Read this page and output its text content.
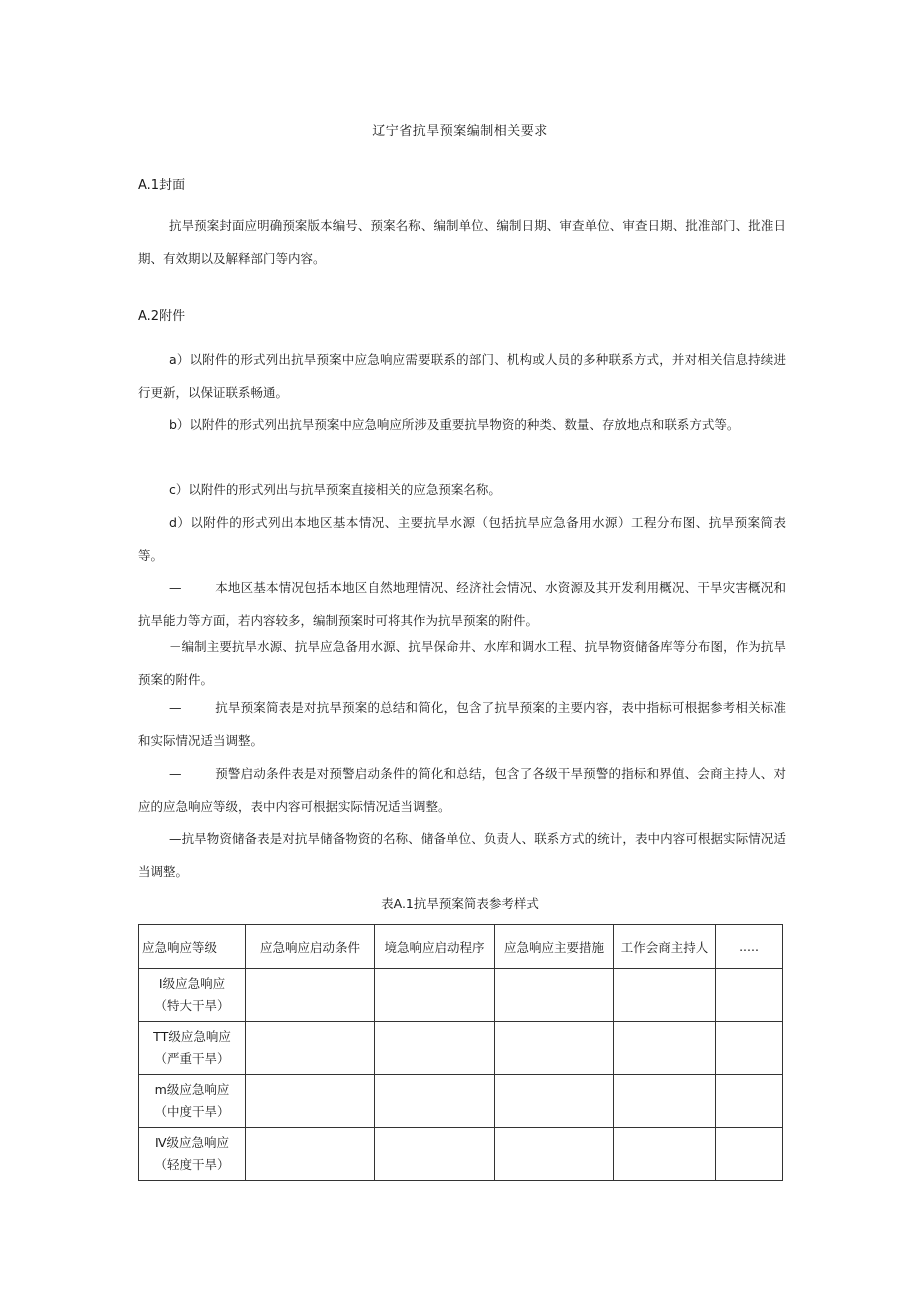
辽宁省抗旱预案编制相关要求
A.1封面
抗旱预案封面应明确预案版本编号、预案名称、编制单位、编制日期、审查单位、审查日期、批准部门、批准日期、有效期以及解释部门等内容。
A.2附件
a）以附件的形式列出抗旱预案中应急响应需要联系的部门、机构或人员的多种联系方式，并对相关信息持续进行更新，以保证联系畅通。
b）以附件的形式列出抗旱预案中应急响应所涉及重要抗旱物资的种类、数量、存放地点和联系方式等。
c）以附件的形式列出与抗旱预案直接相关的应急预案名称。
d）以附件的形式列出本地区基本情况、主要抗旱水源（包括抗旱应急备用水源）工程分布图、抗旱预案简表等。
—	本地区基本情况包括本地区自然地理情况、经济社会情况、水资源及其开发利用概况、干旱灾害概况和抗旱能力等方面，若内容较多，编制预案时可将其作为抗旱预案的附件。
－编制主要抗旱水源、抗旱应急备用水源、抗旱保命井、水库和调水工程、抗旱物资储备库等分布图，作为抗旱预案的附件。
—	抗旱预案简表是对抗旱预案的总结和简化，包含了抗旱预案的主要内容，表中指标可根据参考相关标准和实际情况适当调整。
—	预警启动条件表是对预警启动条件的简化和总结，包含了各级干旱预警的指标和界值、会商主持人、对应的应急响应等级，表中内容可根据实际情况适当调整。
—抗旱物资储备表是对抗旱储备物资的名称、储备单位、负责人、联系方式的统计，表中内容可根据实际情况适当调整。
表A.1抗旱预案简表参考样式
应急响应等级	应急响应启动条件	境急响应启动程序	应急响应主要措施	工作会商主持人	.....
Ⅰ级应急响应
（特大干旱）					
ΤΤ级应急响应
（严重干旱）					
m级应急响应
（中度干旱）					
Ⅳ级应急响应
（轻度干旱）					
